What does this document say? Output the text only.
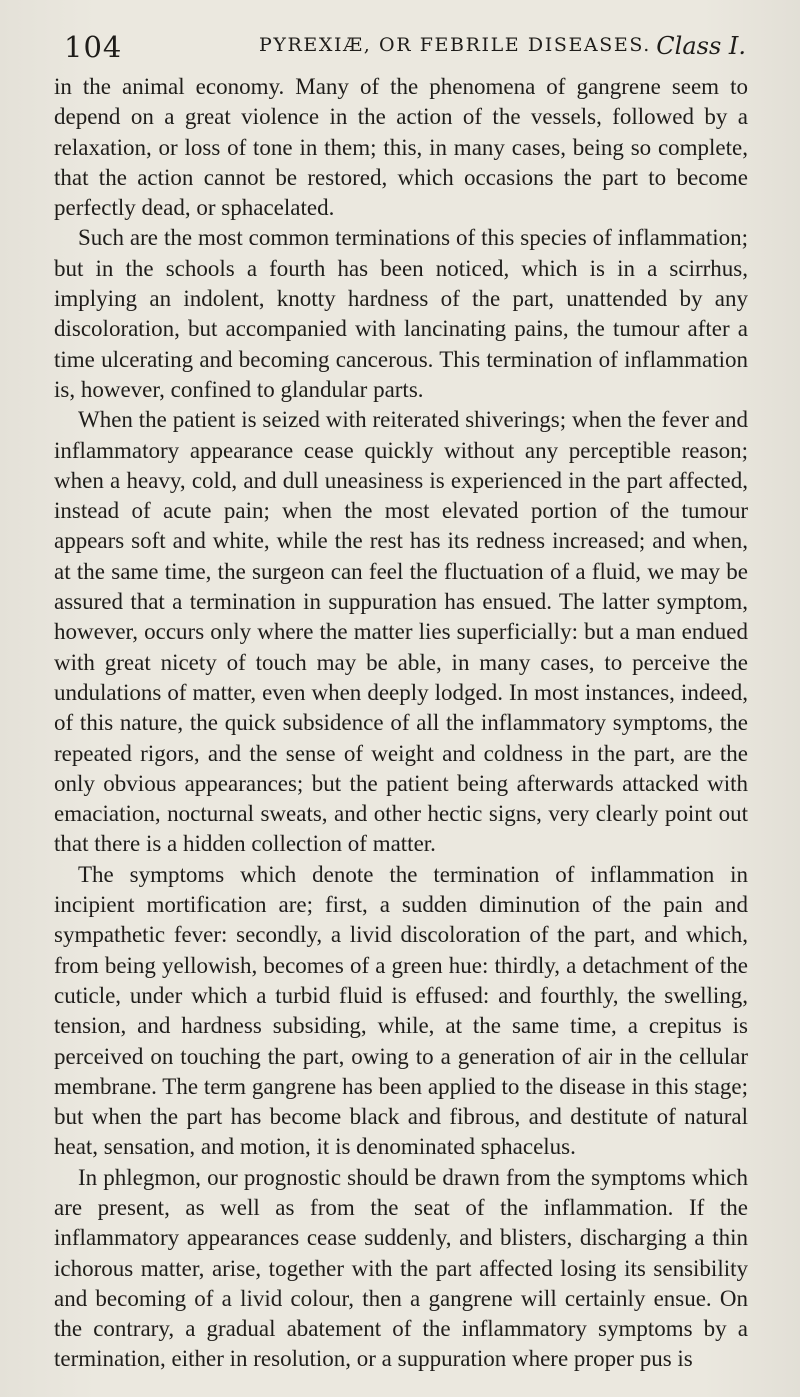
104	PYREXIÆ, OR FEBRILE DISEASES. Class I.

in the animal economy. Many of the phenomena of gangrene seem to depend on a great violence in the action of the vessels, followed by a relaxation, or loss of tone in them; this, in many cases, being so complete, that the action cannot be restored, which occasions the part to become perfectly dead, or sphacelated.

Such are the most common terminations of this species of inflammation; but in the schools a fourth has been noticed, which is in a scirrhus, implying an indolent, knotty hardness of the part, unattended by any discoloration, but accompanied with lancinating pains, the tumour after a time ulcerating and becoming cancerous. This termination of inflammation is, however, confined to glandular parts.

When the patient is seized with reiterated shiverings; when the fever and inflammatory appearance cease quickly without any perceptible reason; when a heavy, cold, and dull uneasiness is experienced in the part affected, instead of acute pain; when the most elevated portion of the tumour appears soft and white, while the rest has its redness increased; and when, at the same time, the surgeon can feel the fluctuation of a fluid, we may be assured that a termination in suppuration has ensued. The latter symptom, however, occurs only where the matter lies superficially: but a man endued with great nicety of touch may be able, in many cases, to perceive the undulations of matter, even when deeply lodged. In most instances, indeed, of this nature, the quick subsidence of all the inflammatory symptoms, the repeated rigors, and the sense of weight and coldness in the part, are the only obvious appearances; but the patient being afterwards attacked with emaciation, nocturnal sweats, and other hectic signs, very clearly point out that there is a hidden collection of matter.

The symptoms which denote the termination of inflammation in incipient mortification are; first, a sudden diminution of the pain and sympathetic fever: secondly, a livid discoloration of the part, and which, from being yellowish, becomes of a green hue: thirdly, a detachment of the cuticle, under which a turbid fluid is effused: and fourthly, the swelling, tension, and hardness subsiding, while, at the same time, a crepitus is perceived on touching the part, owing to a generation of air in the cellular membrane. The term gangrene has been applied to the disease in this stage; but when the part has become black and fibrous, and destitute of natural heat, sensation, and motion, it is denominated sphacelus.

In phlegmon, our prognostic should be drawn from the symptoms which are present, as well as from the seat of the inflammation. If the inflammatory appearances cease suddenly, and blisters, discharging a thin ichorous matter, arise, together with the part affected losing its sensibility and becoming of a livid colour, then a gangrene will certainly ensue. On the contrary, a gradual abatement of the inflammatory symptoms by a termination, either in resolution, or a suppuration where proper pus is
